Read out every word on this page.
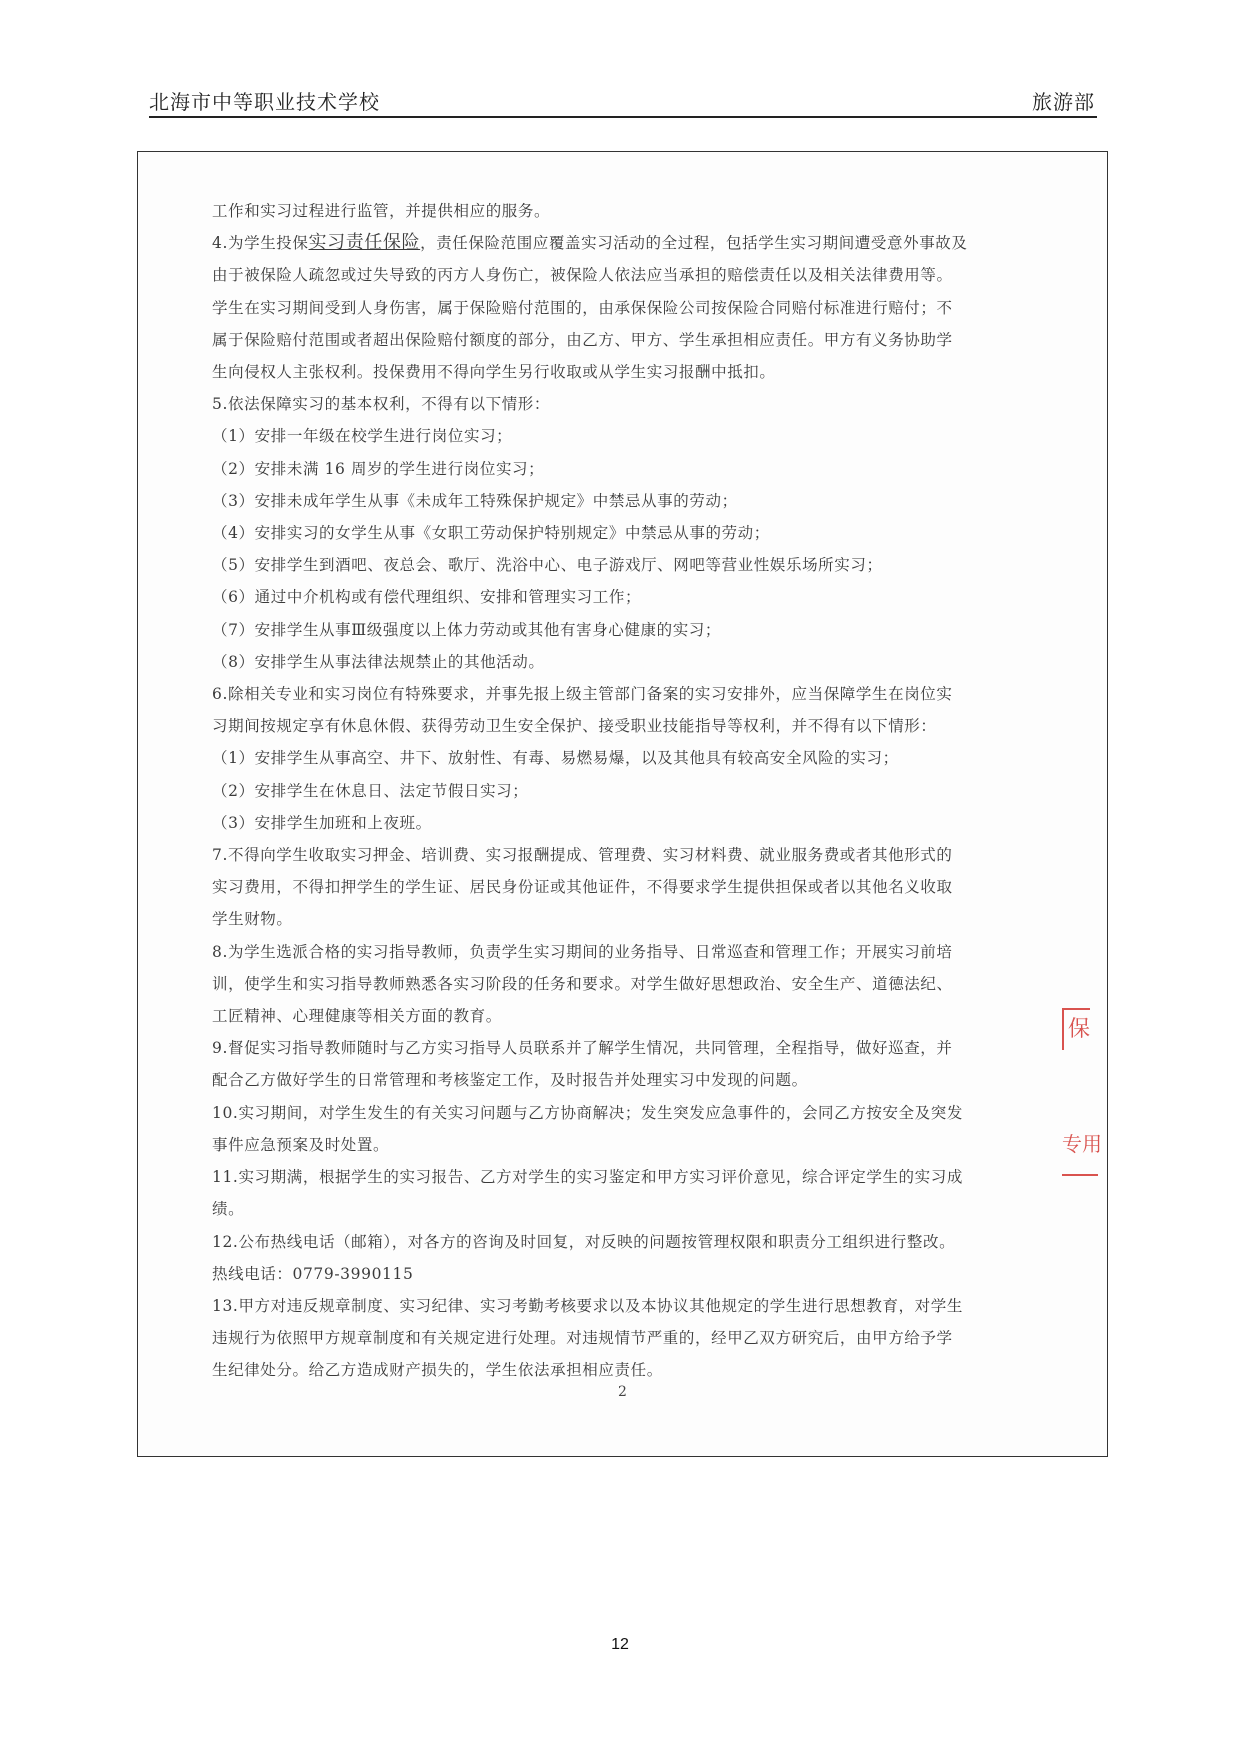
北海市中等职业技术学校	旅游部

工作和实习过程进行监管，并提供相应的服务。

4.为学生投保实习责任保险，责任保险范围应覆盖实习活动的全过程，包括学生实习期间遭受意外事故及

由于被保险人疏忽或过失导致的丙方人身伤亡，被保险人依法应当承担的赔偿责任以及相关法律费用等。

学生在实习期间受到人身伤害，属于保险赔付范围的，由承保保险公司按保险合同赔付标准进行赔付；不

属于保险赔付范围或者超出保险赔付额度的部分，由乙方、甲方、学生承担相应责任。甲方有义务协助学

生向侵权人主张权利。投保费用不得向学生另行收取或从学生实习报酬中抵扣。

5.依法保障实习的基本权利，不得有以下情形：

（1）安排一年级在校学生进行岗位实习；

（2）安排未满 16 周岁的学生进行岗位实习；

（3）安排未成年学生从事《未成年工特殊保护规定》中禁忌从事的劳动；

（4）安排实习的女学生从事《女职工劳动保护特别规定》中禁忌从事的劳动；

（5）安排学生到酒吧、夜总会、歌厅、洗浴中心、电子游戏厅、网吧等营业性娱乐场所实习；

（6）通过中介机构或有偿代理组织、安排和管理实习工作；

（7）安排学生从事Ⅲ级强度以上体力劳动或其他有害身心健康的实习；

（8）安排学生从事法律法规禁止的其他活动。

6.除相关专业和实习岗位有特殊要求，并事先报上级主管部门备案的实习安排外，应当保障学生在岗位实

习期间按规定享有休息休假、获得劳动卫生安全保护、接受职业技能指导等权利，并不得有以下情形：

（1）安排学生从事高空、井下、放射性、有毒、易燃易爆，以及其他具有较高安全风险的实习；

（2）安排学生在休息日、法定节假日实习；

（3）安排学生加班和上夜班。

7.不得向学生收取实习押金、培训费、实习报酬提成、管理费、实习材料费、就业服务费或者其他形式的

实习费用，不得扣押学生的学生证、居民身份证或其他证件，不得要求学生提供担保或者以其他名义收取

学生财物。

8.为学生选派合格的实习指导教师，负责学生实习期间的业务指导、日常巡查和管理工作；开展实习前培

训，使学生和实习指导教师熟悉各实习阶段的任务和要求。对学生做好思想政治、安全生产、道德法纪、

工匠精神、心理健康等相关方面的教育。

9.督促实习指导教师随时与乙方实习指导人员联系并了解学生情况，共同管理，全程指导，做好巡查，并

配合乙方做好学生的日常管理和考核鉴定工作，及时报告并处理实习中发现的问题。

10.实习期间，对学生发生的有关实习问题与乙方协商解决；发生突发应急事件的，会同乙方按安全及突发

事件应急预案及时处置。

11.实习期满，根据学生的实习报告、乙方对学生的实习鉴定和甲方实习评价意见，综合评定学生的实习成

绩。

12.公布热线电话（邮箱），对各方的咨询及时回复，对反映的问题按管理权限和职责分工组织进行整改。

热线电话：0779-3990115

13.甲方对违反规章制度、实习纪律、实习考勤考核要求以及本协议其他规定的学生进行思想教育，对学生

违规行为依照甲方规章制度和有关规定进行处理。对违规情节严重的，经甲乙双方研究后，由甲方给予学

生纪律处分。给乙方造成财产损失的，学生依法承担相应责任。

2
保
专用
12
